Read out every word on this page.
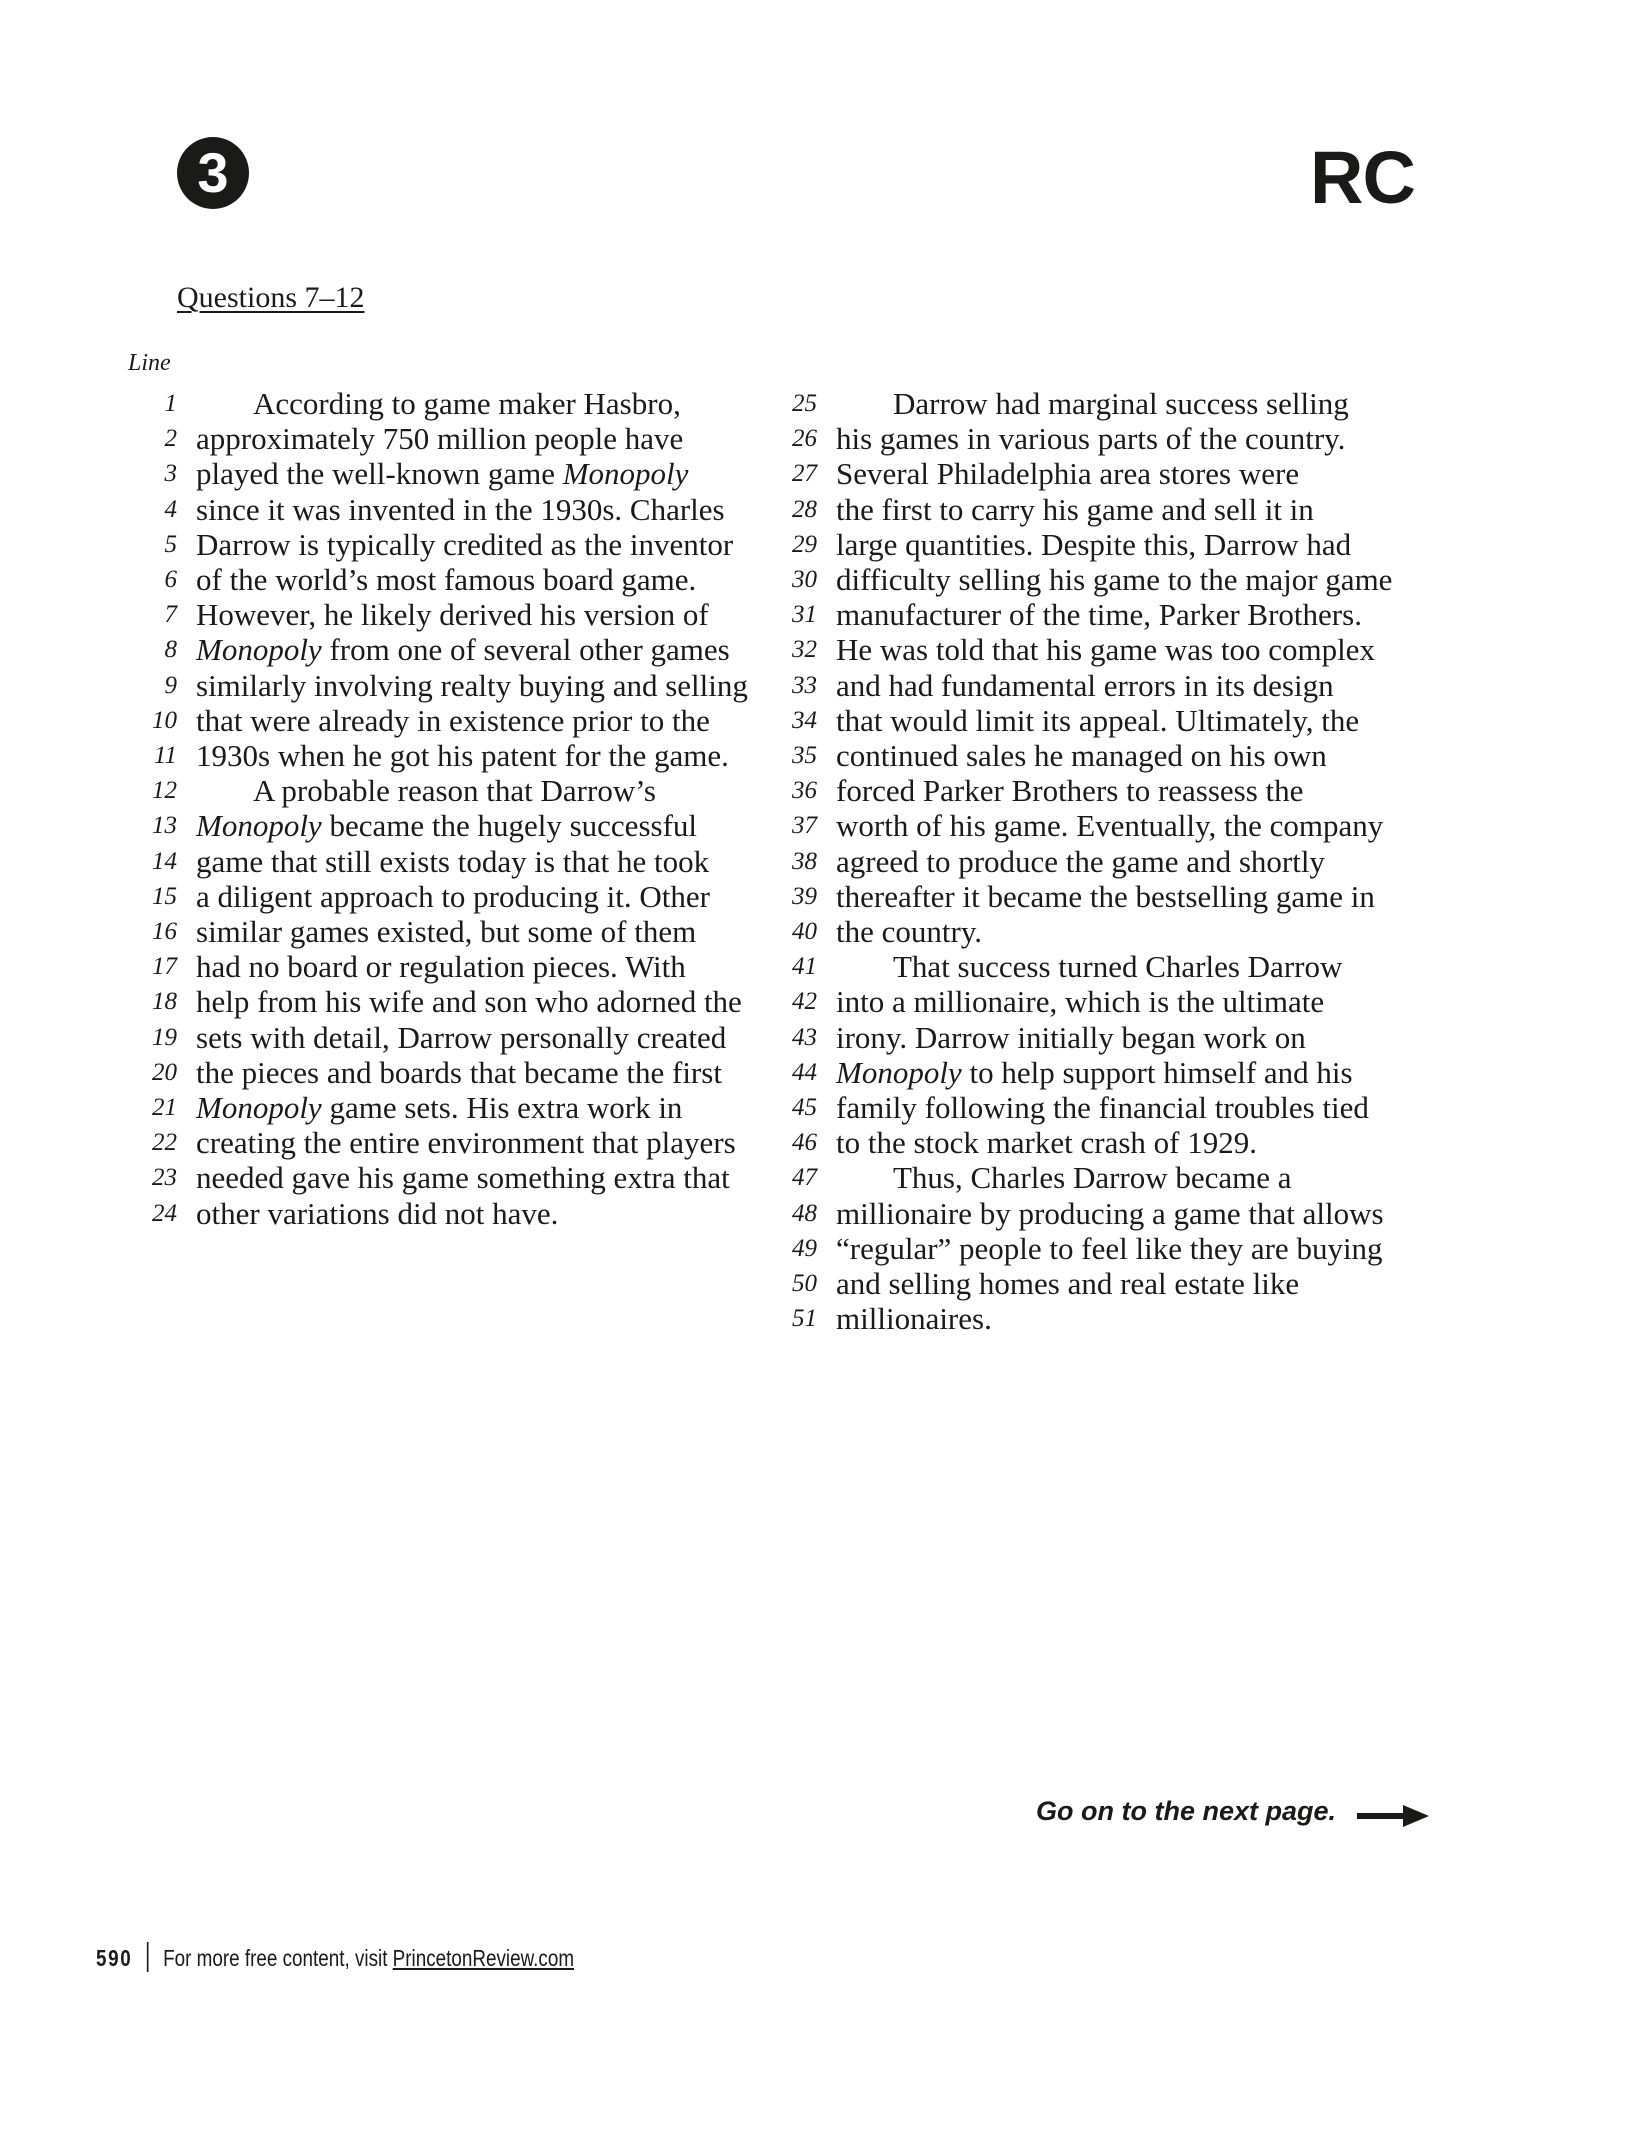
3	RC
Questions 7–12
Line
1 According to game maker Hasbro,
2 approximately 750 million people have
3 played the well-known game Monopoly
4 since it was invented in the 1930s. Charles
5 Darrow is typically credited as the inventor
6 of the world’s most famous board game.
7 However, he likely derived his version of
8 Monopoly from one of several other games
9 similarly involving realty buying and selling
10 that were already in existence prior to the
11 1930s when he got his patent for the game.
12 A probable reason that Darrow’s
13 Monopoly became the hugely successful
14 game that still exists today is that he took
15 a diligent approach to producing it. Other
16 similar games existed, but some of them
17 had no board or regulation pieces. With
18 help from his wife and son who adorned the
19 sets with detail, Darrow personally created
20 the pieces and boards that became the first
21 Monopoly game sets. His extra work in
22 creating the entire environment that players
23 needed gave his game something extra that
24 other variations did not have.
25 Darrow had marginal success selling
26 his games in various parts of the country.
27 Several Philadelphia area stores were
28 the first to carry his game and sell it in
29 large quantities. Despite this, Darrow had
30 difficulty selling his game to the major game
31 manufacturer of the time, Parker Brothers.
32 He was told that his game was too complex
33 and had fundamental errors in its design
34 that would limit its appeal. Ultimately, the
35 continued sales he managed on his own
36 forced Parker Brothers to reassess the
37 worth of his game. Eventually, the company
38 agreed to produce the game and shortly
39 thereafter it became the bestselling game in
40 the country.
41 That success turned Charles Darrow
42 into a millionaire, which is the ultimate
43 irony. Darrow initially began work on
44 Monopoly to help support himself and his
45 family following the financial troubles tied
46 to the stock market crash of 1929.
47 Thus, Charles Darrow became a
48 millionaire by producing a game that allows
49 “regular” people to feel like they are buying
50 and selling homes and real estate like
51 millionaires.
Go on to the next page.
590 For more free content, visit PrincetonReview.com
